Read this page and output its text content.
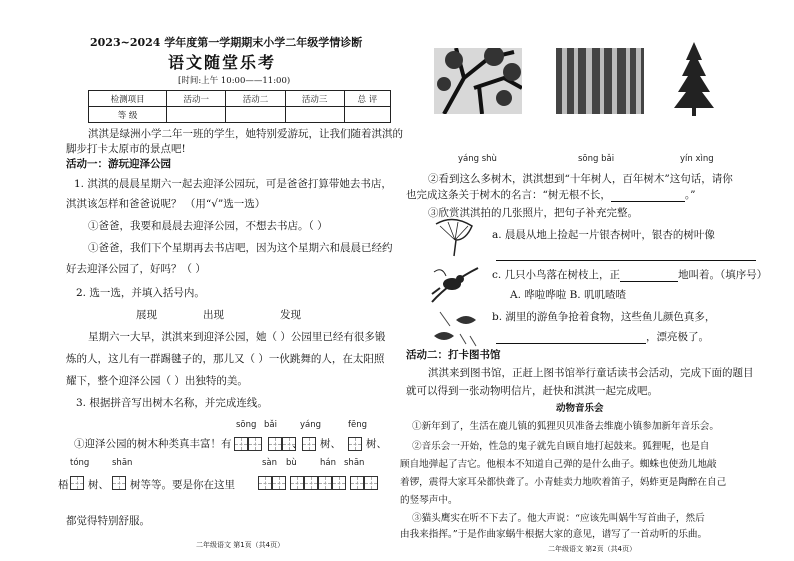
2023~2024 学年度第一学期期末小学二年级学情诊断
语文随堂乐考
[时间:上午 10:00——11:00)
检测项目	活动一	活动二	活动三	总 评
等 级				
淇淇是绿洲小学二年一班的学生，她特别爱游玩，让我们随着淇淇的
脚步打卡太原市的景点吧!
活动一：游玩迎泽公园
1. 淇淇的晨晨星期六一起去迎泽公园玩，可是爸爸打算带她去书店，
淇淇该怎样和爸爸说呢？ （用“√”选一选）
①爸爸，我要和晨晨去迎泽公园，不想去书店。（ ）
①爸爸，我们下个星期再去书店吧，因为这个星期六和晨晨已经约
好去迎泽公园了，好吗？（ ）
2. 选一选，并填入括号内。
展现	出现	发现
星期六一大早，淇淇来到迎泽公园，她（ ）公园里已经有很多锻
炼的人，这儿有一群踢毽子的，那儿又（ ）一伙跳舞的人，在太阳照
耀下，整个迎泽公园（ ）出独特的美。
3. 根据拼音写出树木名称，并完成连线。
sōng bǎi	yáng	fēng
①迎泽公园的树木种类真丰富！有	、 树、 树、
tóng	shān	sàn bù	hán shān
梧 树、 树等等。要是你在这里
都觉得特别舒服。
二年级语文 第1页（共4页）
yáng shù	sōng bǎi	yín xìng
②看到这么多树木，淇淇想到“十年树人，百年树木”这句话，请你
也完成这条关于树木的名言：“树无根不长，	。”
③欣赏淇淇拍的几张照片，把句子补充完整。
a. 晨晨从地上捡起一片银杏树叶，银杏的树叶像
c. 几只小鸟落在树枝上，正	地叫着。（填序号）
A. 哗啦哗啦 B. 叽叽喳喳
b. 湖里的游鱼争抢着食物，这些鱼儿颜色真多，
，漂亮极了。
活动二：打卡图书馆
淇淇来到图书馆，正赶上图书馆举行童话读书会活动，完成下面的题目
就可以得到一张动物明信片，赶快和淇淇一起完成吧。
动物音乐会
①新年到了，生活在鹿儿镇的狐狸贝贝准备去维鹿小镇参加新年音乐会。
②音乐会一开始，性急的鬼子就先自顾自地打起鼓来。狐狸呢，也是自
顾自地弹起了吉它。他根本不知道自己弹的是什么曲子。蜘蛛也使劲儿地敲
着锣，震得大家耳朵都快聋了。小青蛙卖力地吹着笛子，妈蚱更是陶醉在自己
的竖琴声中。
③猫头鹰实在听不下去了。他大声说：“应该先叫娲牛写首曲子，然后
由我来指挥。”于是作曲家蜗牛根据大家的意见，谱写了一首动听的乐曲。
二年级语文 第2页（共4页）
